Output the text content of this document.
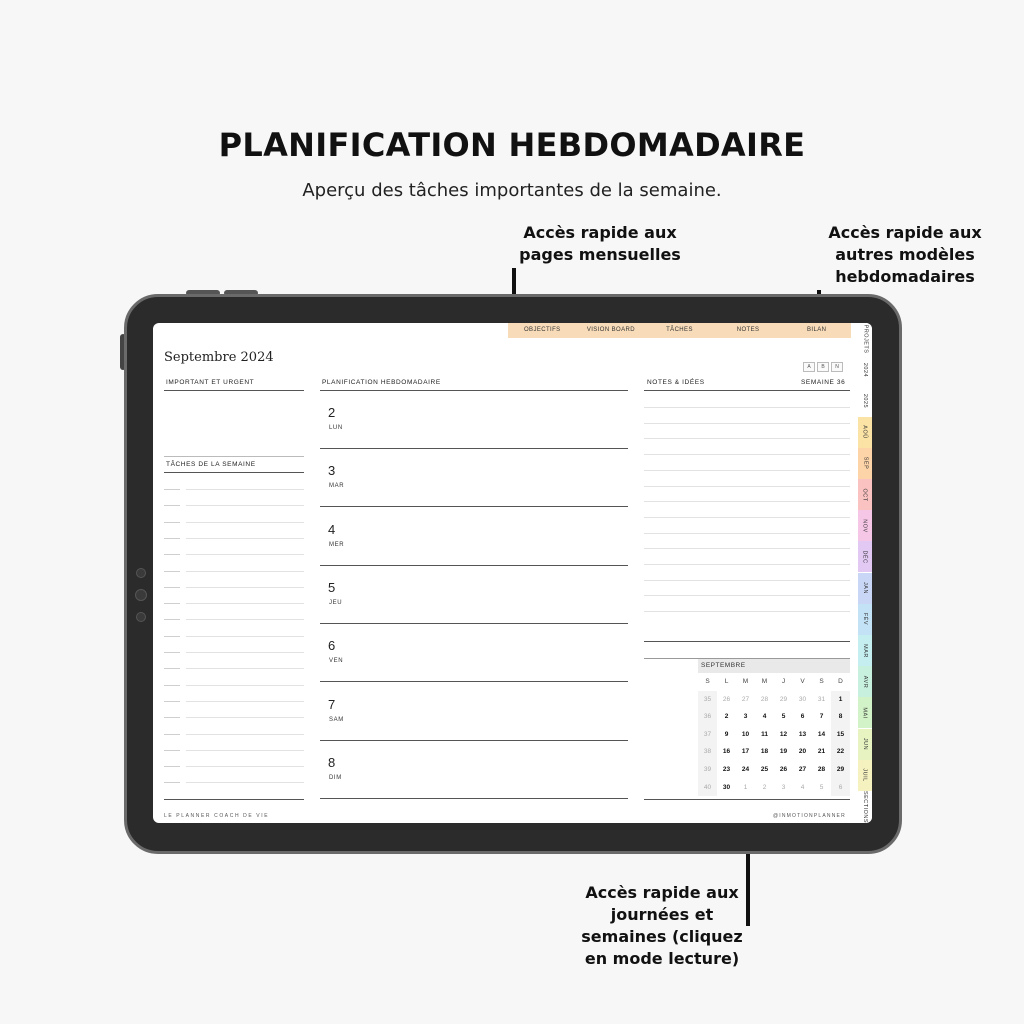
PLANIFICATION HEBDOMADAIRE
Aperçu des tâches importantes de la semaine.
Accès rapide aux
pages mensuelles
Accès rapide aux
autres modèles
hebdomadaires
Accès rapide aux
journées et
semaines (cliquez
en mode lecture)
OBJECTIFS	VISION BOARD	TÂCHES	NOTES	BILAN
Septembre 2024
A	B	N
IMPORTANT ET URGENT
TÂCHES DE LA SEMAINE
PLANIFICATION HEBDOMADAIRE
2
LUN
3
MAR
4
MER
5
JEU
6
VEN
7
SAM
8
DIM
NOTES & IDÉES	SEMAINE 36
SEPTEMBRE
S	L	M	M	J	V	S	D
35	26	27	28	29	30	31	1
36	2	3	4	5	6	7	8
37	9	10	11	12	13	14	15
38	16	17	18	19	20	21	22
39	23	24	25	26	27	28	29
40	30	1	2	3	4	5	6
LE PLANNER COACH DE VIE	@INMOTIONPLANNER
PROJETS
2024
2025
AOÛ
SEP
OCT
NOV
DÉC
JAN
FÉV
MAR
AVR
MAI
JUN
JUIL
SECTIONS
